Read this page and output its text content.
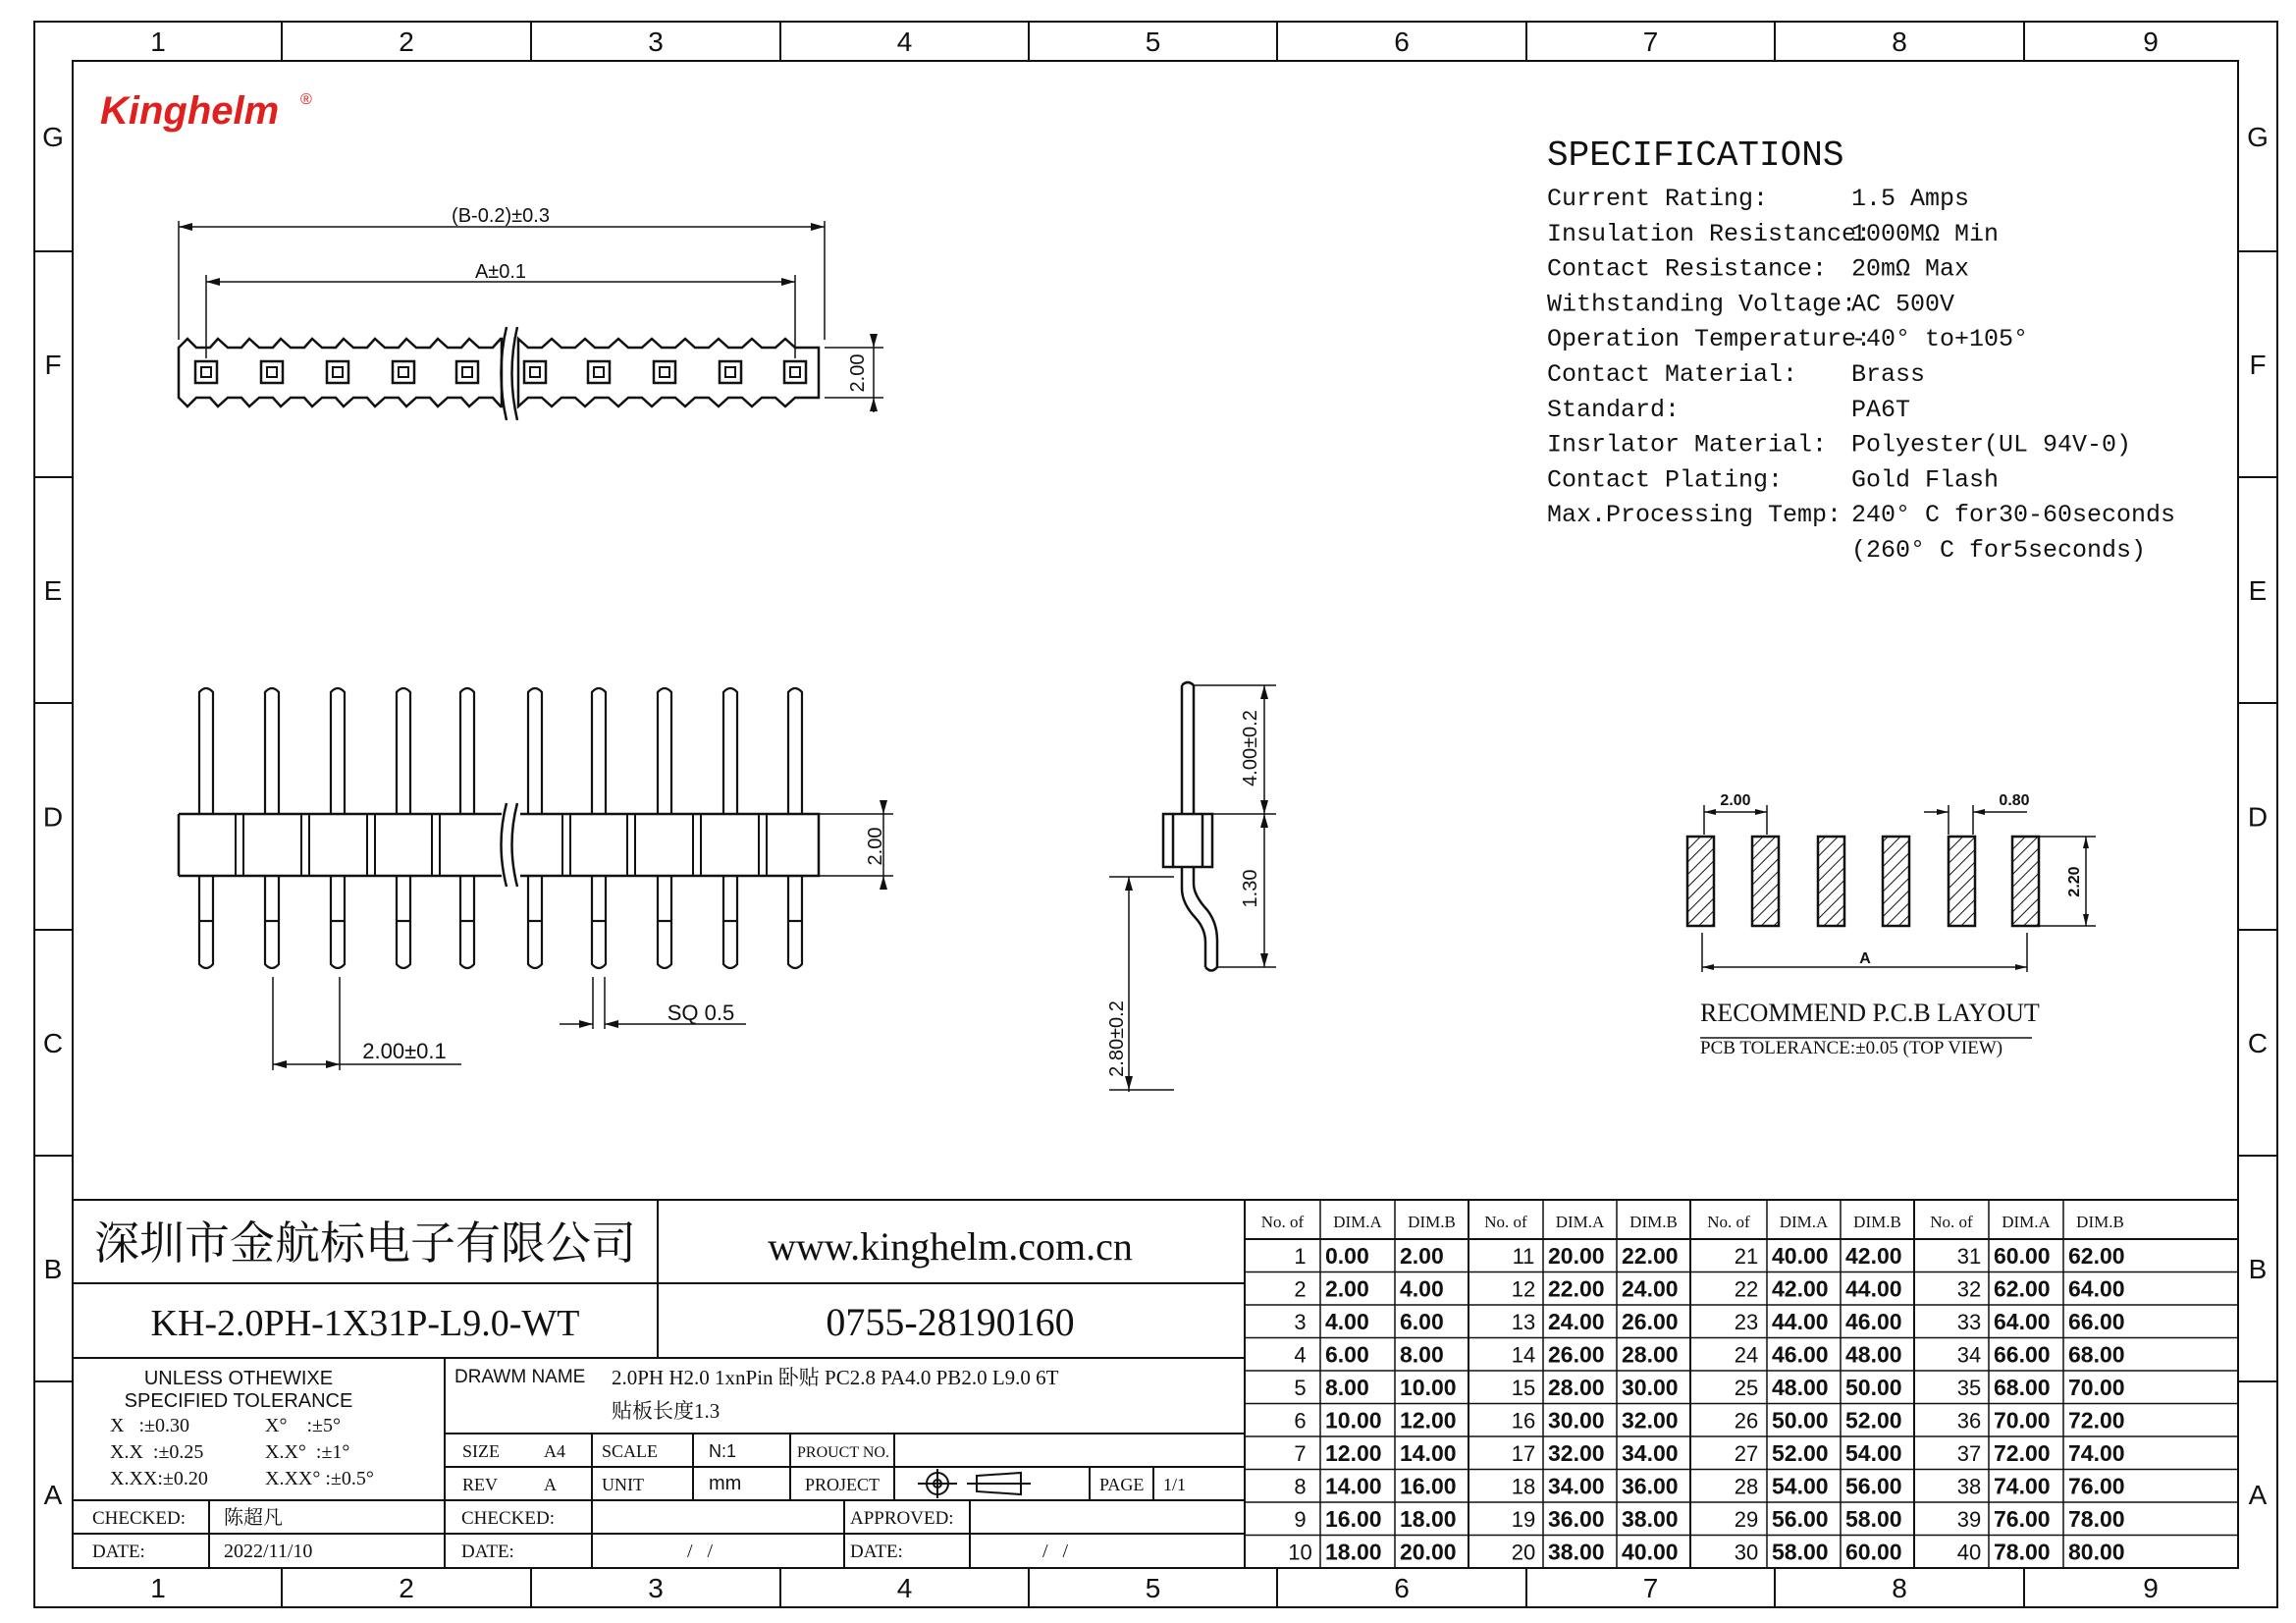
1
1
2
2
3
3
4
4
5
5
6
6
7
7
8
8
9
9
G	G
F	F
E	E
D	D
C	C
B	B
A	A
Kinghelm ®
(B-0.2)±0.3
A±0.1
2.00
2.00
2.00±0.1
SQ 0.5
4.00±0.2
1.30
2.80±0.2
SPECIFICATIONS
Current Rating:	1.5 Amps
Insulation Resistance:
1000MΩ Min
Contact Resistance: 20mΩ Max
Withstanding Voltage:
AC 500V
Operation Temperature:
-40° to+105°
Contact Material: Brass
Standard:	PA6T
Insrlator Material: Polyester(UL 94V-0)
Contact Plating:	Gold Flash
Max.Processing Temp: 240° C for30-60seconds
(260° C for5seconds)
2.00	0.80
2.20
A
RECOMMEND P.C.B LAYOUT
PCB TOLERANCE:±0.05 (TOP VIEW)
深圳市金航标电子有限公司	www.kinghelm.com.cn
KH-2.0PH-1X31P-L9.0-WT	0755-28190160
UNLESS OTHEWIXE
SPECIFIED TOLERANCE
X   :±0.30
X.X  :±0.25
X.XX:±0.20
X°    :±5°
X.X°  :±1°
X.XX° :±0.5°
DRAWM NAME 2.0PH H2.0 1xnPin 卧贴 PC2.8 PA4.0 PB2.0 L9.0 6T
贴板长度1.3
SIZE	A4 SCALE	N:1	PROUCT NO.
REV	A	UNIT	mm	PROJECT	PAGE 1/1
CHECKED: 陈超凡	CHECKED:	APPROVED:
DATE:	2022/11/10	DATE:	/   /	DATE:	/   /
No. of DIM.A DIM.B
1 0.00 2.00
2 2.00 4.00
3 4.00 6.00
4 6.00 8.00
5 8.00 10.00
6 10.00 12.00
7 12.00 14.00
8 14.00 16.00
9 16.00 18.00
10 18.00 20.00
No. of DIM.A DIM.B
11 20.00 22.00
12 22.00 24.00
13 24.00 26.00
14 26.00 28.00
15 28.00 30.00
16 30.00 32.00
17 32.00 34.00
18 34.00 36.00
19 36.00 38.00
20 38.00 40.00
No. of DIM.A DIM.B
21 40.00 42.00
22 42.00 44.00
23 44.00 46.00
24 46.00 48.00
25 48.00 50.00
26 50.00 52.00
27 52.00 54.00
28 54.00 56.00
29 56.00 58.00
30 58.00 60.00
No. of DIM.A DIM.B
31 60.00 62.00
32 62.00 64.00
33 64.00 66.00
34 66.00 68.00
35 68.00 70.00
36 70.00 72.00
37 72.00 74.00
38 74.00 76.00
39 76.00 78.00
40 78.00 80.00
